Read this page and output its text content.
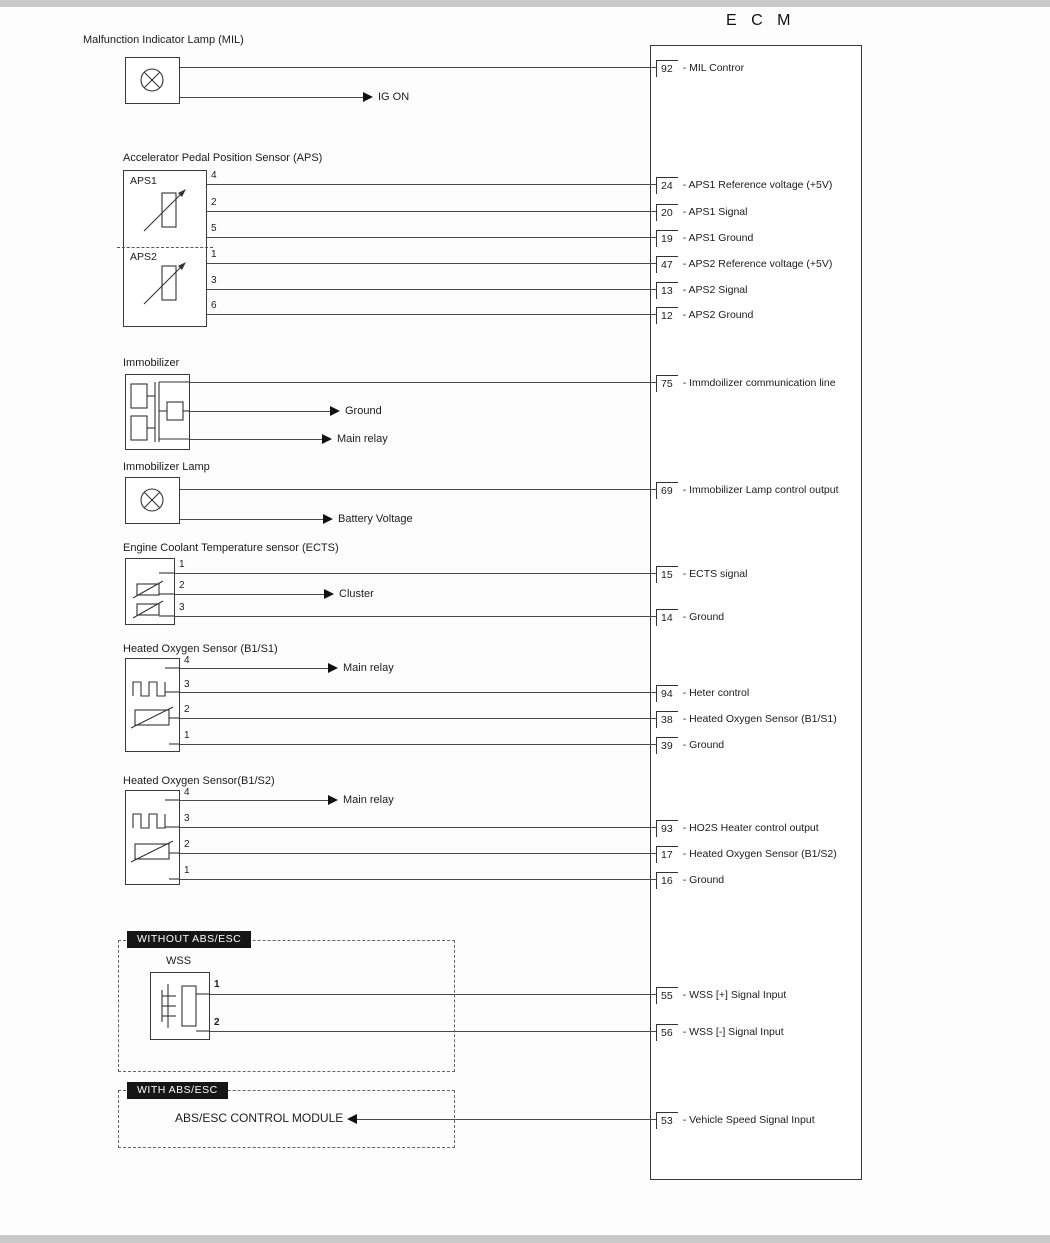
E C M
Malfunction Indicator Lamp (MIL)
IG ON
Accelerator Pedal Position Sensor (APS)
APS1
APS2
4
2
5
1
3
6
Immobilizer
Ground
Main relay
Immobilizer Lamp
Battery Voltage
Engine Coolant Temperature sensor (ECTS)
1
2
3
Cluster
Heated Oxygen Sensor (B1/S1)
4
3
2
1
Main relay
Heated Oxygen Sensor(B1/S2)
4
3
2
1
Main relay
WITHOUT ABS/ESC
WSS
1
2
WITH ABS/ESC
ABS/ESC CONTROL MODULE
92 - MIL Contror
24 - APS1 Reference voltage (+5V)
20 - APS1 Signal
19 - APS1 Ground
47 - APS2 Reference voltage (+5V)
13 - APS2 Signal
12 - APS2 Ground
75 - Immdoilizer communication line
69 - Immobilizer Lamp control output
15 - ECTS signal
14 - Ground
94 - Heter control
38 - Heated Oxygen Sensor (B1/S1)
39 - Ground
93 - HO2S Heater control output
17 - Heated Oxygen Sensor (B1/S2)
16 - Ground
55 - WSS [+] Signal Input
56 - WSS [-] Signal Input
53 - Vehicle Speed Signal Input
